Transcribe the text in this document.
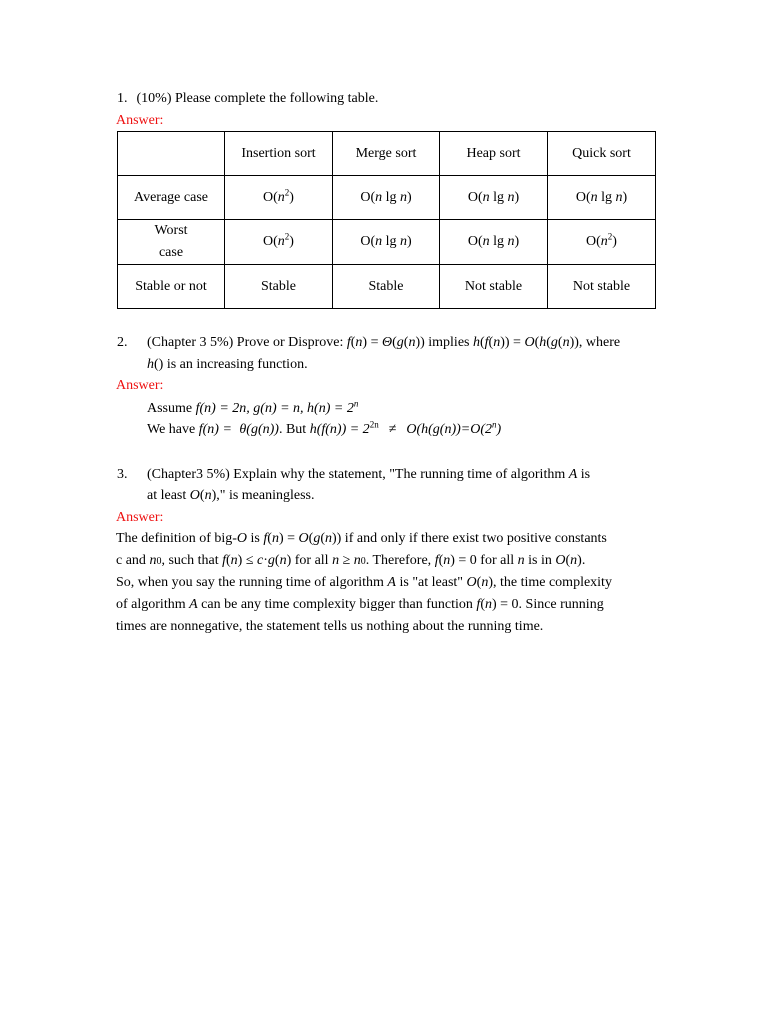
1. (10%) Please complete the following table.
Answer:
	Insertion sort	Merge sort	Heap sort	Quick sort
Average case	$O(n^2)$	O(n lg n)	O(n lg n)	O(n lg n)
Worst
case	$O(n^2)$	O(n lg n)	O(n lg n)	$O(n^2)$
Stable or not	Stable	Stable	Not stable	Not stable
2. (Chapter 3 5%) Prove or Disprove: f(n) = Θ(g(n)) implies h(f(n)) = O(h(g(n)), where
h() is an increasing function.
Answer:
Assume f(n) = 2n, g(n) = n, $h(n) = 2^n$
We have f(n) = θ(g(n)). But $h(f(n)) = 2^{2n} \ne O(h(g(n))=O(2^n)$
3. (Chapter3 5%) Explain why the statement, "The running time of algorithm A is
at least O(n)," is meaningless.
Answer:
The definition of big-O is f(n) = O(g(n)) if and only if there exist two positive constants
c and n0, such that f(n) ≤ c·g(n) for all n ≥ n0. Therefore, f(n) = 0 for all n is in O(n).
So, when you say the running time of algorithm A is "at least" O(n), the time complexity
of algorithm A can be any time complexity bigger than function f(n) = 0. Since running
times are nonnegative, the statement tells us nothing about the running time.
